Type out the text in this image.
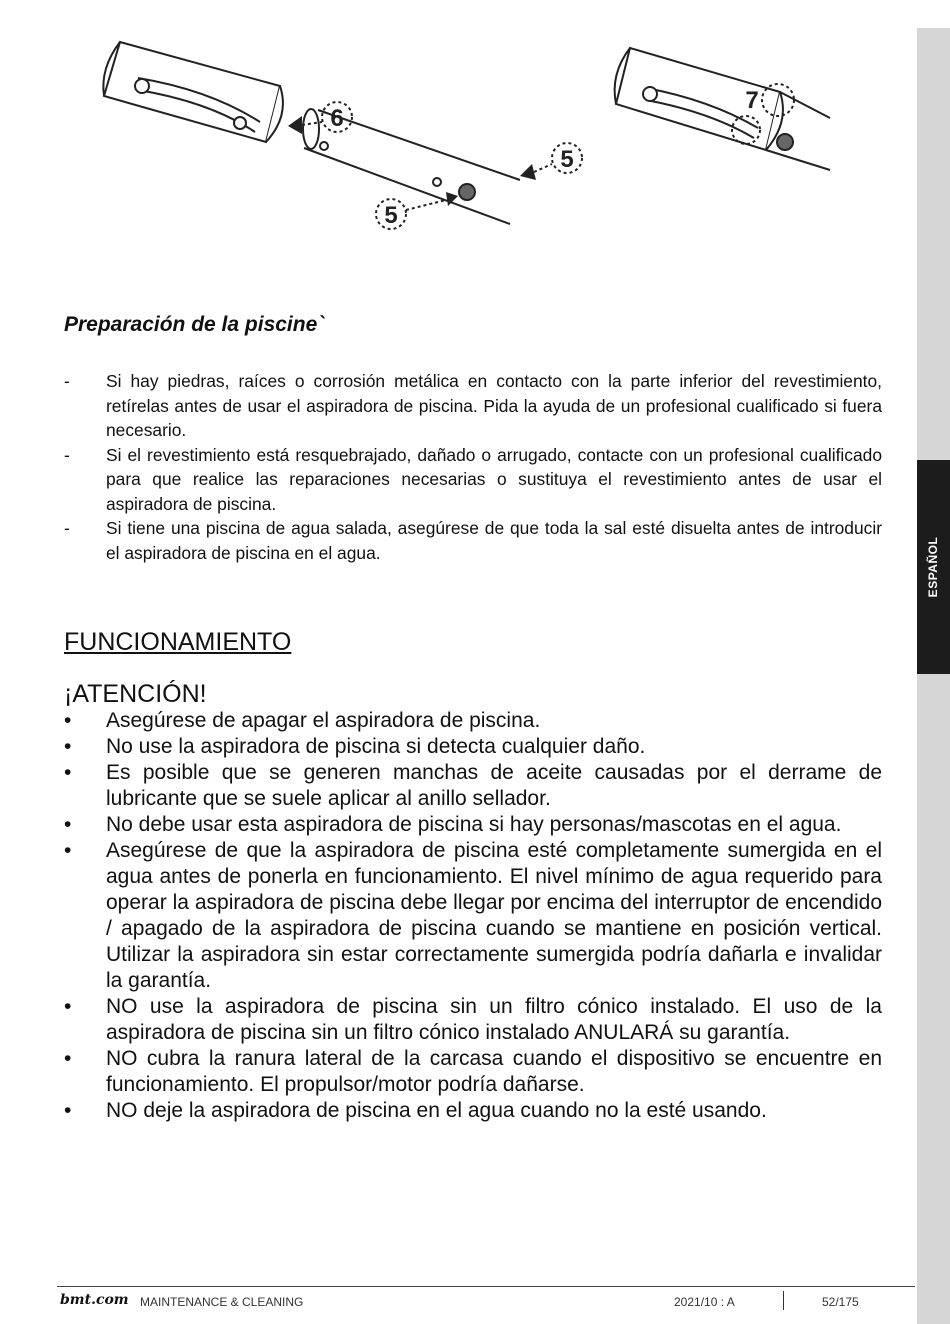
ESPAÑOL
6
5
5
7
Preparación de la piscine`
- Si hay piedras, raíces o corrosión metálica en contacto con la parte inferior del revestimiento, retírelas antes de usar el aspiradora de piscina. Pida la ayuda de un profesional cualificado si fuera necesario.
- Si el revestimiento está resquebrajado, dañado o arrugado, contacte con un profesional cualificado para que realice las reparaciones necesarias o sustituya el revestimiento antes de usar el aspiradora de piscina.
- Si tiene una piscina de agua salada, asegúrese de que toda la sal esté disuelta antes de introducir el aspiradora de piscina en el agua.
FUNCIONAMIENTO
¡ATENCIÓN!
• Asegúrese de apagar el aspiradora de piscina.
• No use la aspiradora de piscina si detecta cualquier daño.
• Es posible que se generen manchas de aceite causadas por el derrame de lubricante que se suele aplicar al anillo sellador.
• No debe usar esta aspiradora de piscina si hay personas/mascotas en el agua.
• Asegúrese de que la aspiradora de piscina esté completamente sumergida en el agua antes de ponerla en funcionamiento. El nivel mínimo de agua requerido para operar la aspiradora de piscina debe llegar por encima del interruptor de encendido / apagado de la aspiradora de piscina cuando se mantiene en posición vertical. Utilizar la aspiradora sin estar correctamente sumergida podría dañarla e invalidar la garantía.
• NO use la aspiradora de piscina sin un filtro cónico instalado. El uso de la aspiradora de piscina sin un filtro cónico instalado ANULARÁ su garantía.
• NO cubra la ranura lateral de la carcasa cuando el dispositivo se encuentre en funcionamiento. El propulsor/motor podría dañarse.
• NO deje la aspiradora de piscina en el agua cuando no la esté usando.
bmt.com MAINTENANCE & CLEANING	2021/10 : A	52/175
